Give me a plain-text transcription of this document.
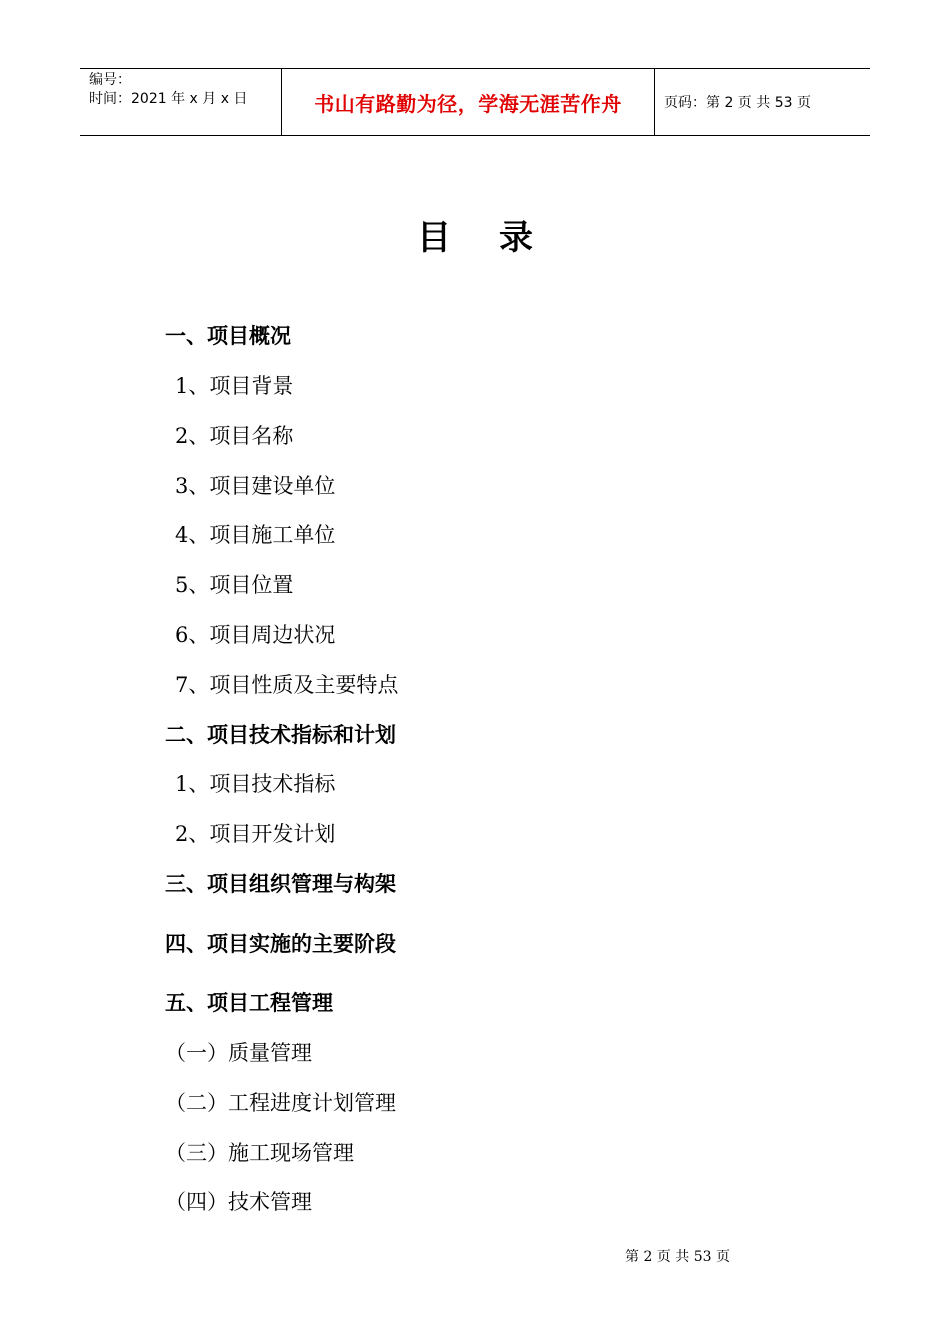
编号：
时间：2021 年 x 月 x 日	书山有路勤为径，学海无涯苦作舟	页码：第 2 页 共 53 页
目录
一、项目概况
1、项目背景
2、项目名称
3、项目建设单位
4、项目施工单位
5、项目位置
6、项目周边状况
7、项目性质及主要特点
二、项目技术指标和计划
1、项目技术指标
2、项目开发计划
三、项目组织管理与构架
四、项目实施的主要阶段
五、项目工程管理
（一）质量管理
（二）工程进度计划管理
（三）施工现场管理
（四）技术管理
第 2 页 共 53 页
